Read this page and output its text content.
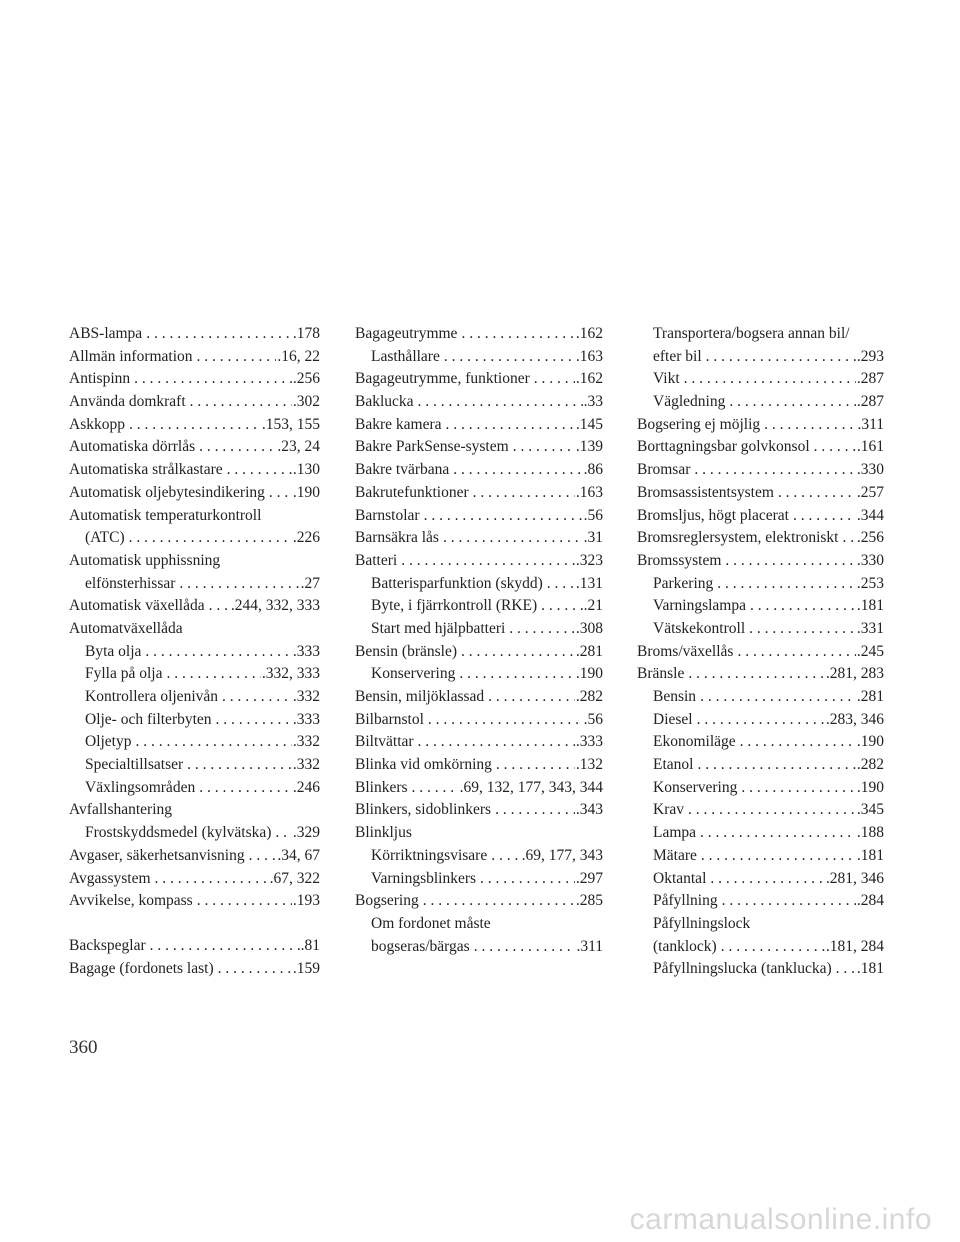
ABS-lampa . . .	.178
Allmän information . . .	.16, 22
Antispinn . . .	.256
Använda domkraft . . .	.302
Askkopp . . .	.153, 155
Automatiska dörrlås . . .	.23, 24
Automatiska strålkastare . . .	.130
Automatisk oljebytesindikering . . . .190
Automatisk temperaturkontroll
(ATC) . . .	.226
Automatisk upphissning
elfönsterhissar . . .	.27
Automatisk växellåda . . . .244, 332, 333
Automatväxellåda
Byta olja . . .	.333
Fylla på olja . . .	.332, 333
Kontrollera oljenivån . . .	.332
Olje- och filterbyten . . .	.333
Oljetyp . . .	.332
Specialtillsatser . . .	.332
Växlingsområden . . .	.246
Avfallshantering
Frostskyddsmedel (kylvätska) . . . .329
Avgaser, säkerhetsanvisning . . . .34, 67
Avgassystem . . .	.67, 322
Avvikelse, kompass . . .	.193
Backspeglar . . .	.81
Bagage (fordonets last) . . .	.159
Bagageutrymme . . .	.162
Lasthållare . . .	.163
Bagageutrymme, funktioner . . .	.162
Baklucka . . .	.33
Bakre kamera . . .	.145
Bakre ParkSense-system . . .	.139
Bakre tvärbana . . .	.86
Bakrutefunktioner . . .	.163
Barnstolar . . .	.56
Barnsäkra lås . . .	.31
Batteri . . .	.323
Batterisparfunktion (skydd) . . . .131
Byte, i fjärrkontroll (RKE) . . .	.21
Start med hjälpbatteri . . .	.308
Bensin (bränsle) . . .	.281
Konservering . . .	.190
Bensin, miljöklassad . . .	.282
Bilbarnstol . . .	.56
Biltvättar . . .	.333
Blinka vid omkörning . . .	.132
Blinkers . . .	.69, 132, 177, 343, 344
Blinkers, sidoblinkers . . .	.343
Blinkljus
Körriktningsvisare . . . .69, 177, 343
Varningsblinkers . . .	.297
Bogsering . . .	.285
Om fordonet måste
bogseras/bärgas . . .	.311
Transportera/bogsera annan bil/
efter bil . . .	.293
Vikt . . .	.287
Vägledning . . .	.287
Bogsering ej möjlig . . .	.311
Borttagningsbar golvkonsol . . .	.161
Bromsar . . .	.330
Bromsassistentsystem . . .	.257
Bromsljus, högt placerat . . .	.344
Bromsreglersystem, elektroniskt . . . .256
Bromssystem . . .	.330
Parkering . . .	.253
Varningslampa . . .	.181
Vätskekontroll . . .	.331
Broms/växellås . . .	.245
Bränsle . . .	.281, 283
Bensin . . .	.281
Diesel . . .	.283, 346
Ekonomiläge . . .	.190
Etanol . . .	.282
Konservering . . .	.190
Krav . . .	.345
Lampa . . .	.188
Mätare . . .	.181
Oktantal . . .	.281, 346
Påfyllning . . .	.284
Påfyllningslock
(tanklock) . . .	.181, 284
Påfyllningslucka (tanklucka) . . . .181
360
carmanualsonline.info
